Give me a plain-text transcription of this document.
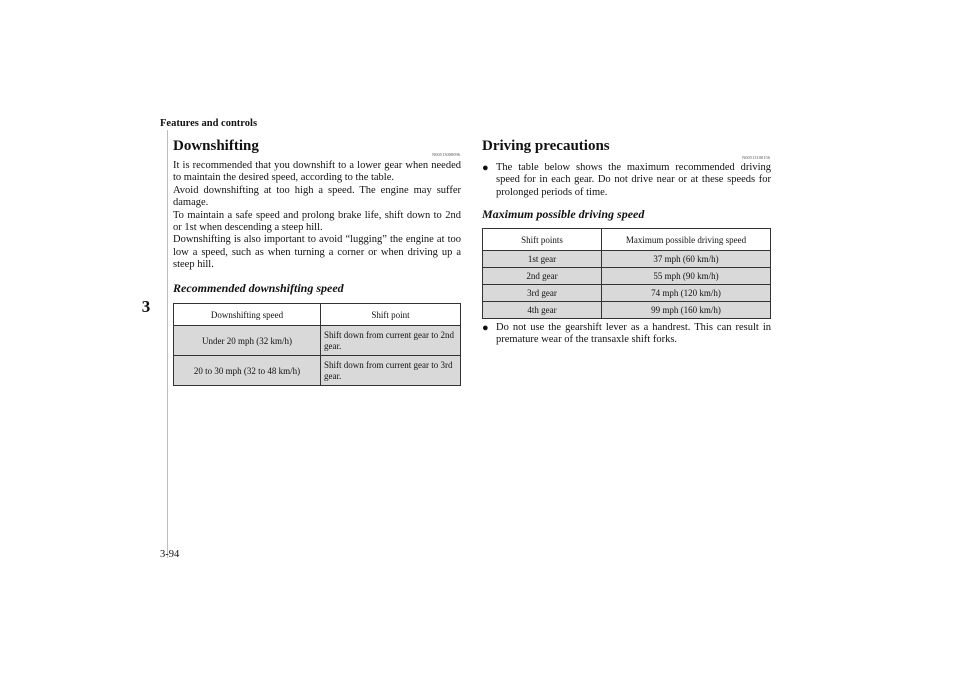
Features and controls
3
Downshifting
N00513000096

It is recommended that you downshift to a lower gear when needed to maintain the desired speed, according to the table.

Avoid downshifting at too high a speed. The engine may suffer damage.

To maintain a safe speed and prolong brake life, shift down to 2nd or 1st when descending a steep hill.

Downshifting is also important to avoid “lugging” the engine at too low a speed, such as when turning a corner or when driving up a steep hill.

Recommended downshifting speed
Downshifting speed	Shift point
Under 20 mph (32 km/h)	Shift down from current gear to 2nd gear.
20 to 30 mph (32 to 48 km/h)	Shift down from current gear to 3rd gear.
Driving precautions
N00513100156
● The table below shows the maximum recommended driving speed for in each gear. Do not drive near or at these speeds for prolonged periods of time.
Maximum possible driving speed
Shift points	Maximum possible driving speed
1st gear	37 mph (60 km/h)
2nd gear	55 mph (90 km/h)
3rd gear	74 mph (120 km/h)
4th gear	99 mph (160 km/h)
● Do not use the gearshift lever as a handrest. This can result in premature wear of the transaxle shift forks.
3-94
